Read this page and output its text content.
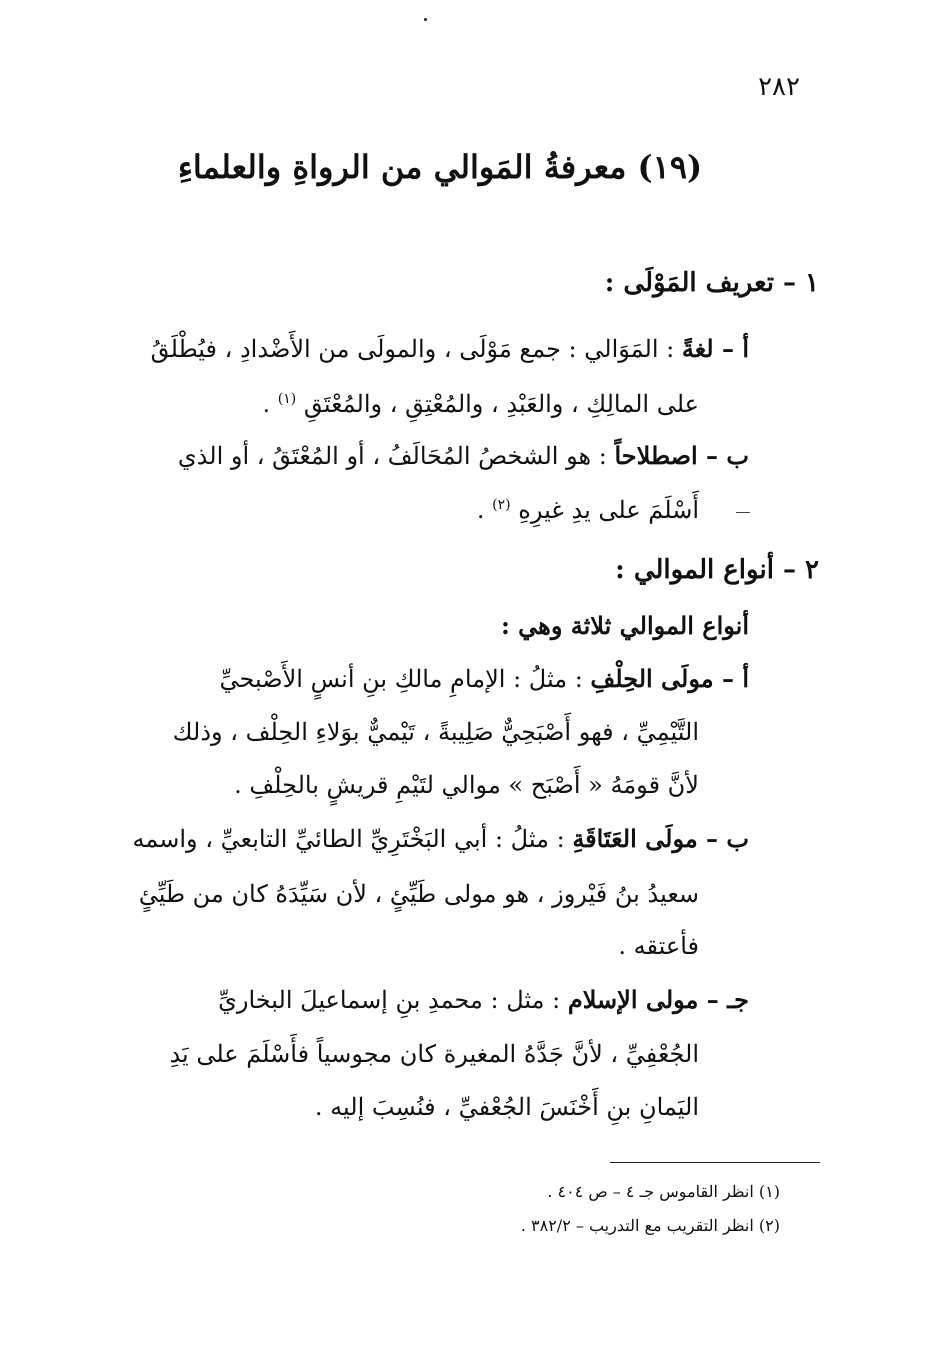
٢٨٢
(١٩) معرفةُ المَوالي من الرواةِ والعلماءِ
١ – تعريف المَوْلَى :
أ – لغةً : المَوَالي : جمع مَوْلَى ، والمولَى من الأَضْدادِ ، فيُطْلَقُ
على المالِكِ ، والعَبْدِ ، والمُعْتِقِ ، والمُعْتَقِ $^{(١)}$ .
ب – اصطلاحاً : هو الشخصُ المُحَالَفُ ، أو المُعْتَقُ ، أو الذي
أَسْلَمَ على يدِ غيرِهِ $^{(٢)}$ .
٢ – أنواع الموالي :
أنواع الموالي ثلاثة وهي :
أ – مولَى الحِلْفِ : مثلُ : الإمامِ مالكِ بنِ أنسٍ الأَصْبحيِّ
التَّيْمِيِّ ، فهو أَصْبَحِيٌّ صَلِيبةً ، تَيْميٌّ بوَلاءِ الحِلْف ، وذلك
لأنَّ قومَهُ « أَصْبَح » موالي لتَيْمِ قريشٍ بالحِلْفِ .
ب – مولَى العَتَاقَةِ : مثلُ : أبي البَخْتَرِيِّ الطائيِّ التابعيِّ ، واسمه
سعيدُ بنُ فَيْروز ، هو مولى طَيِّئٍ ، لأن سَيِّدَهُ كان من طَيِّئٍ
فأعتقه .
جـ – مولى الإسلام : مثل : محمدِ بنِ إسماعيلَ البخاريِّ
الجُعْفِيِّ ، لأنَّ جَدَّهُ المغيرة كان مجوسياً فأَسْلَمَ على يَدِ
اليَمانِ بنِ أَخْنَسَ الجُعْفيِّ ، فنُسِبَ إليه .
(١) انظر القاموس جـ ٤ – ص ٤٠٤ .
(٢) انظر التقريب مع التدريب – ٣٨٢/٢ .
